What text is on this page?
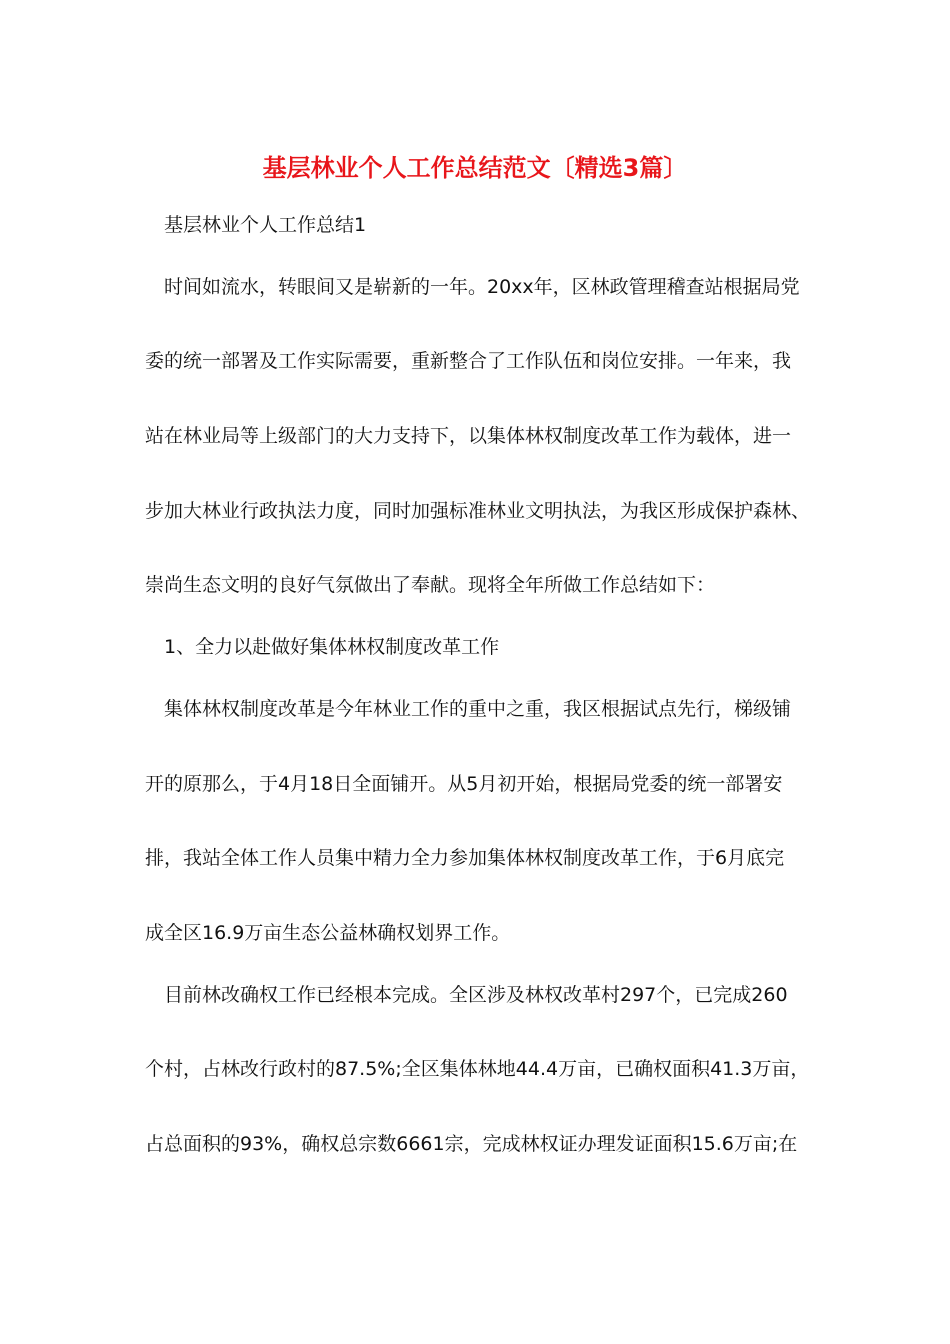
基层林业个人工作总结范文〔精选3篇〕
基层林业个人工作总结1
时间如流水，转眼间又是崭新的一年。20xx年，区林政管理稽查站根据局党
委的统一部署及工作实际需要，重新整合了工作队伍和岗位安排。一年来，我
站在林业局等上级部门的大力支持下，以集体林权制度改革工作为载体，进一
步加大林业行政执法力度，同时加强标准林业文明执法，为我区形成保护森林、
崇尚生态文明的良好气氛做出了奉献。现将全年所做工作总结如下：
1、全力以赴做好集体林权制度改革工作
集体林权制度改革是今年林业工作的重中之重，我区根据试点先行，梯级铺
开的原那么，于4月18日全面铺开。从5月初开始，根据局党委的统一部署安
排，我站全体工作人员集中精力全力参加集体林权制度改革工作，于6月底完
成全区16.9万亩生态公益林确权划界工作。
目前林改确权工作已经根本完成。全区涉及林权改革村297个，已完成260
个村，占林改行政村的87.5%;全区集体林地44.4万亩，已确权面积41.3万亩，
占总面积的93%，确权总宗数6661宗，完成林权证办理发证面积15.6万亩;在
